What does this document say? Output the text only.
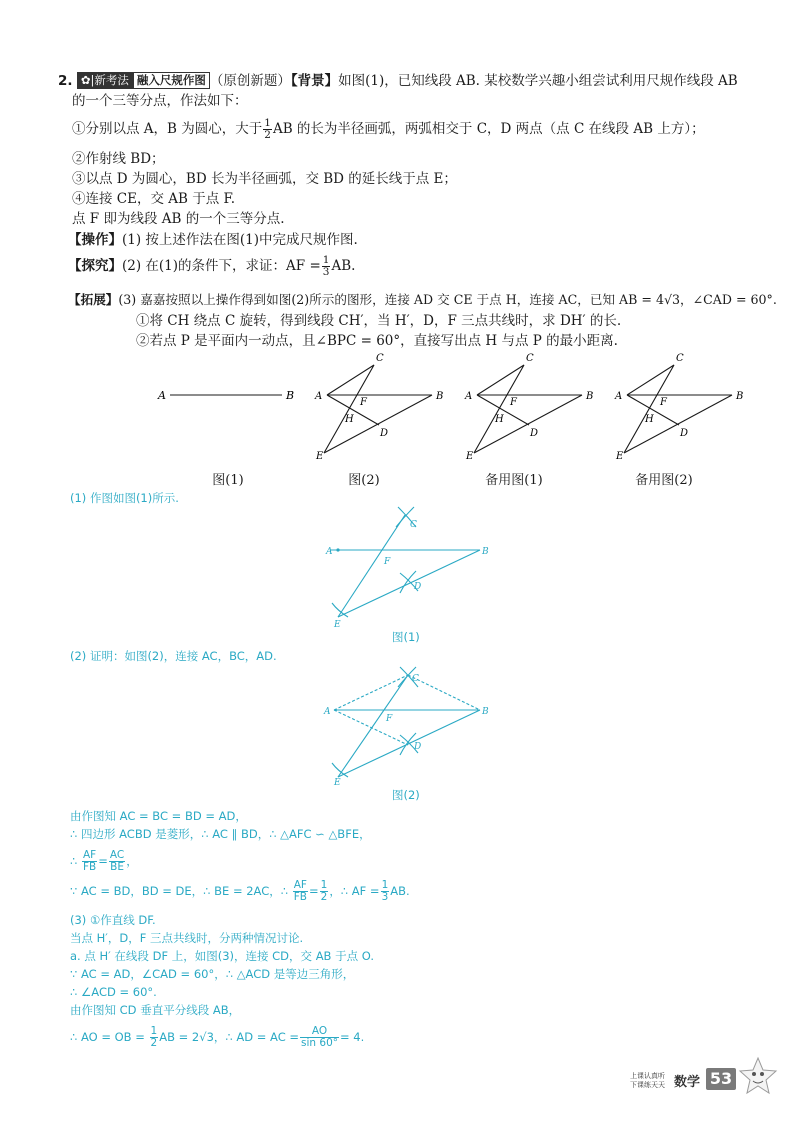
2. ✿|新考法 融入尺规作图 （原创新题）【背景】如图(1)，已知线段 AB. 某校数学兴趣小组尝试利用尺规作线段 AB
的一个三等分点，作法如下：
①分别以点 A，B 为圆心，大于 $\frac{1}{2}$ AB 的长为半径画弧，两弧相交于 C，D 两点（点 C 在线段 AB 上方）；
②作射线 BD；
③以点 D 为圆心，BD 长为半径画弧，交 BD 的延长线于点 E；
④连接 CE，交 AB 于点 F.
点 F 即为线段 AB 的一个三等分点.
【操作】(1) 按上述作法在图(1)中完成尺规作图.
【探究】(2) 在(1)的条件下，求证：AF = $\frac{1}{3}$ AB.
【拓展】(3) 嘉嘉按照以上操作得到如图(2)所示的图形，连接 AD 交 CE 于点 H，连接 AC，已知 AB = 4√3，∠CAD = 60°.
①将 CH 绕点 C 旋转，得到线段 CH′，当 H′，D，F 三点共线时，求 DH′ 的长.
②若点 P 是平面内一动点，且∠BPC = 60°，直接写出点 H 与点 P 的最小距离.
A	B A	B
C
D
E
F
H
A	B
C
D
E
F
H
A	B
C
D
E
F
H
图(1)	图(2)	备用图(1)	备用图(2)
(1) 作图如图(1)所示.
A	B
C
D
E
F
图(1)
(2) 证明：如图(2)，连接 AC，BC，AD.
A	B
C
D
E
F
图(2)
由作图知 AC = BC = BD = AD，
∴ 四边形 ACBD 是菱形，∴ AC ∥ BD，∴ △AFC ∽ △BFE，
∴ $\frac{AF}{FB} = \frac{AC}{BE}$ ，
∵ AC = BD，BD = DE，∴ BE = 2AC，∴ $\frac{AF}{FB} = \frac{1}{2}$ ，∴ AF = $\frac{1}{3}$ AB.
(3) ①作直线 DF.
当点 H′，D，F 三点共线时，分两种情况讨论.
a. 点 H′ 在线段 DF 上，如图(3)，连接 CD，交 AB 于点 O.
∵ AC = AD，∠CAD = 60°，∴ △ACD 是等边三角形，
∴ ∠ACD = 60°.
由作图知 CD 垂直平分线段 AB，
∴ AO = OB = $\frac{1}{2}$ AB = 2√3，∴ AD = AC = $\frac{AO}{\sin 60^\circ} = 4$.
上课认真听
下课练天天 数学 53
